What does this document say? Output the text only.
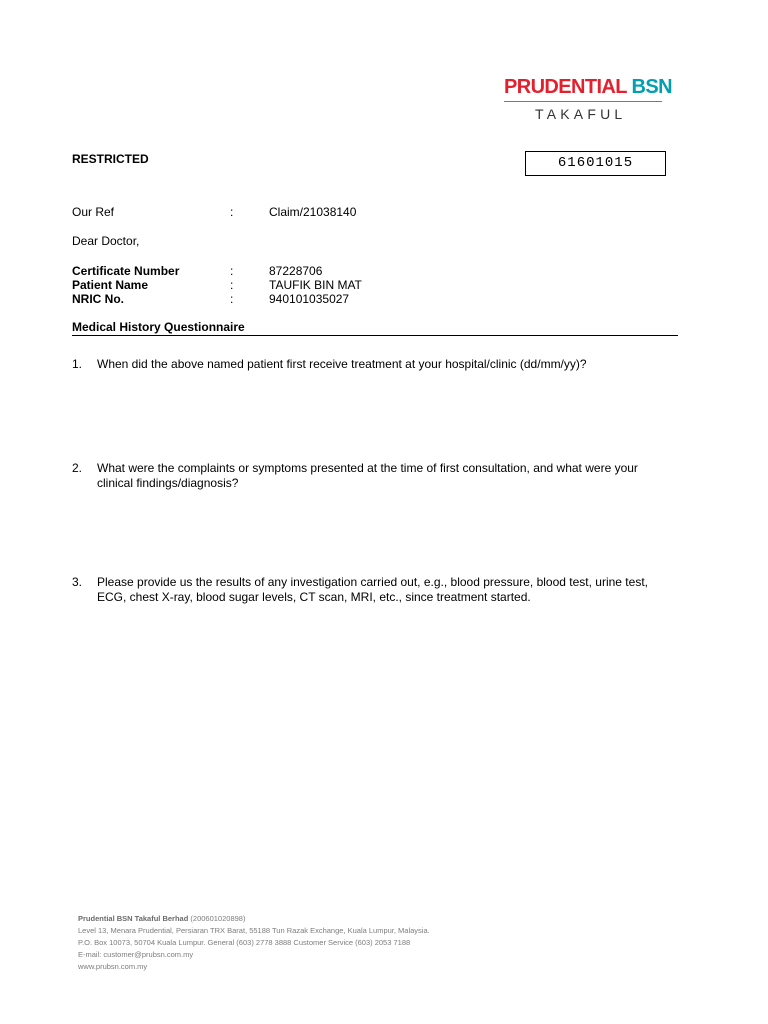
PRUDENTIAL BSN
TAKAFUL
RESTRICTED	61601015
Our Ref	:	Claim/21038140
Dear Doctor,
Certificate Number	:	87228706
Patient Name	:	TAUFIK BIN MAT
NRIC No.	:	940101035027
Medical History Questionnaire
1. When did the above named patient first receive treatment at your hospital/clinic (dd/mm/yy)?
2. What were the complaints or symptoms presented at the time of first consultation, and what were your clinical findings/diagnosis?
3. Please provide us the results of any investigation carried out, e.g., blood pressure, blood test, urine test, ECG, chest X-ray, blood sugar levels, CT scan, MRI, etc., since treatment started.
Prudential BSN Takaful Berhad (200601020898)
Level 13, Menara Prudential, Persiaran TRX Barat, 55188 Tun Razak Exchange, Kuala Lumpur, Malaysia.
P.O. Box 10073, 50704 Kuala Lumpur. General (603) 2778 3888 Customer Service (603) 2053 7188
E-mail: customer@prubsn.com.my
www.prubsn.com.my
